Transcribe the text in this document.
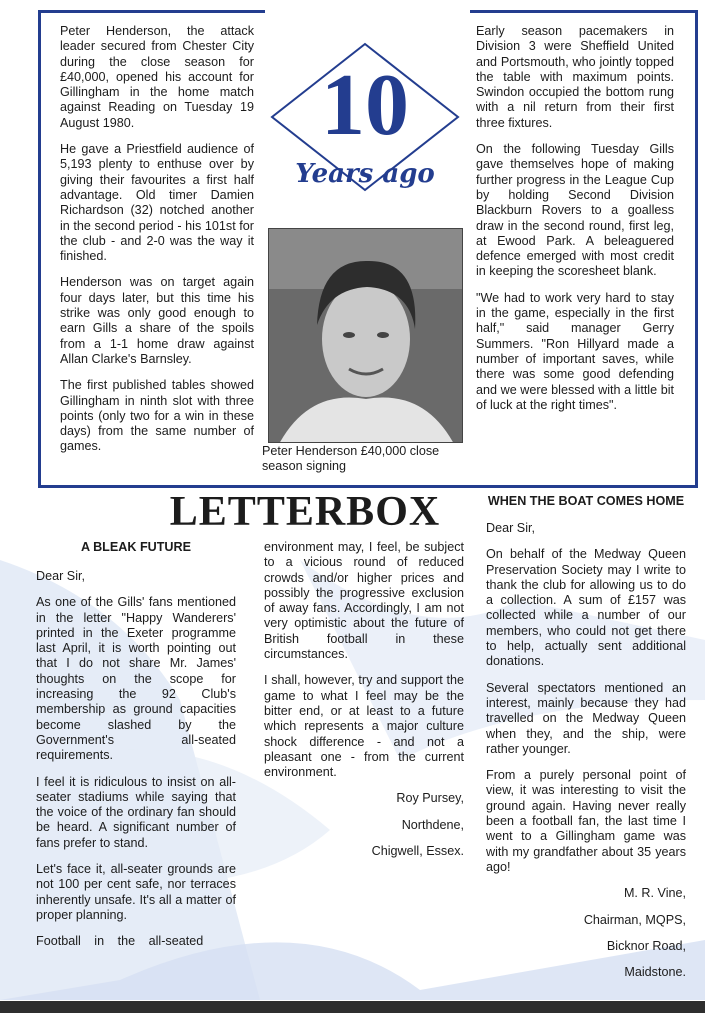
10
Years ago

Peter Henderson, the attack leader secured from Chester City during the close season for £40,000, opened his account for Gillingham in the home match against Reading on Tuesday 19 August 1980.

He gave a Priestfield audience of 5,193 plenty to enthuse over by giving their favourites a first half advantage. Old timer Damien Richardson (32) notched another in the second period - his 101st for the club - and 2-0 was the way it finished.

Henderson was on target again four days later, but this time his strike was only good enough to earn Gills a share of the spoils from a 1-1 home draw against Allan Clarke's Barnsley.

The first published tables showed Gillingham in ninth slot with three points (only two for a win in these days) from the same number of games.	Peter Henderson £40,000 close season signing

Early season pacemakers in Division 3 were Sheffield United and Portsmouth, who jointly topped the table with maximum points. Swindon occupied the bottom rung with a nil return from their first three fixtures.

On the following Tuesday Gills gave themselves hope of making further progress in the League Cup by holding Second Division Blackburn Rovers to a goalless draw in the second round, first leg, at Ewood Park. A beleaguered defence emerged with most credit in keeping the scoresheet blank.

"We had to work very hard to stay in the game, especially in the first half," said manager Gerry Summers. "Ron Hillyard made a number of important saves, while there was some good defending and we were blessed with a little bit of luck at the right times".

LETTERBOX
A BLEAK FUTURE

Dear Sir,

As one of the Gills' fans mentioned in the letter "Happy Wanderers' printed in the Exeter programme last April, it is worth pointing out that I do not share Mr. James' thoughts on the scope for increasing the 92 Club's membership as ground capacities become slashed by the Government's all-seated requirements.

I feel it is ridiculous to insist on all-seater stadiums while saying that the voice of the ordinary fan should be heard. A significant number of fans prefer to stand.

Let's face it, all-seater grounds are not 100 per cent safe, nor terraces inherently unsafe. It's all a matter of proper planning.

Football in the all-seated

environment may, I feel, be subject to a vicious round of reduced crowds and/or higher prices and possibly the progressive exclusion of away fans. Accordingly, I am not very optimistic about the future of British football in these circumstances.

I shall, however, try and support the game to what I feel may be the bitter end, or at least to a future which represents a major culture shock difference - and not a pleasant one - from the current environment.

Roy Pursey,

Northdene,

Chigwell, Essex.

WHEN THE BOAT COMES HOME

Dear Sir,

On behalf of the Medway Queen Preservation Society may I write to thank the club for allowing us to do a collection. A sum of £157 was collected while a number of our members, who could not get there to help, actually sent additional donations.

Several spectators mentioned an interest, mainly because they had travelled on the Medway Queen when they, and the ship, were rather younger.

From a purely personal point of view, it was interesting to visit the ground again. Having never really been a football fan, the last time I went to a Gillingham game was with my grandfather about 35 years ago!

M. R. Vine,

Chairman, MQPS,

Bicknor Road,

Maidstone.
